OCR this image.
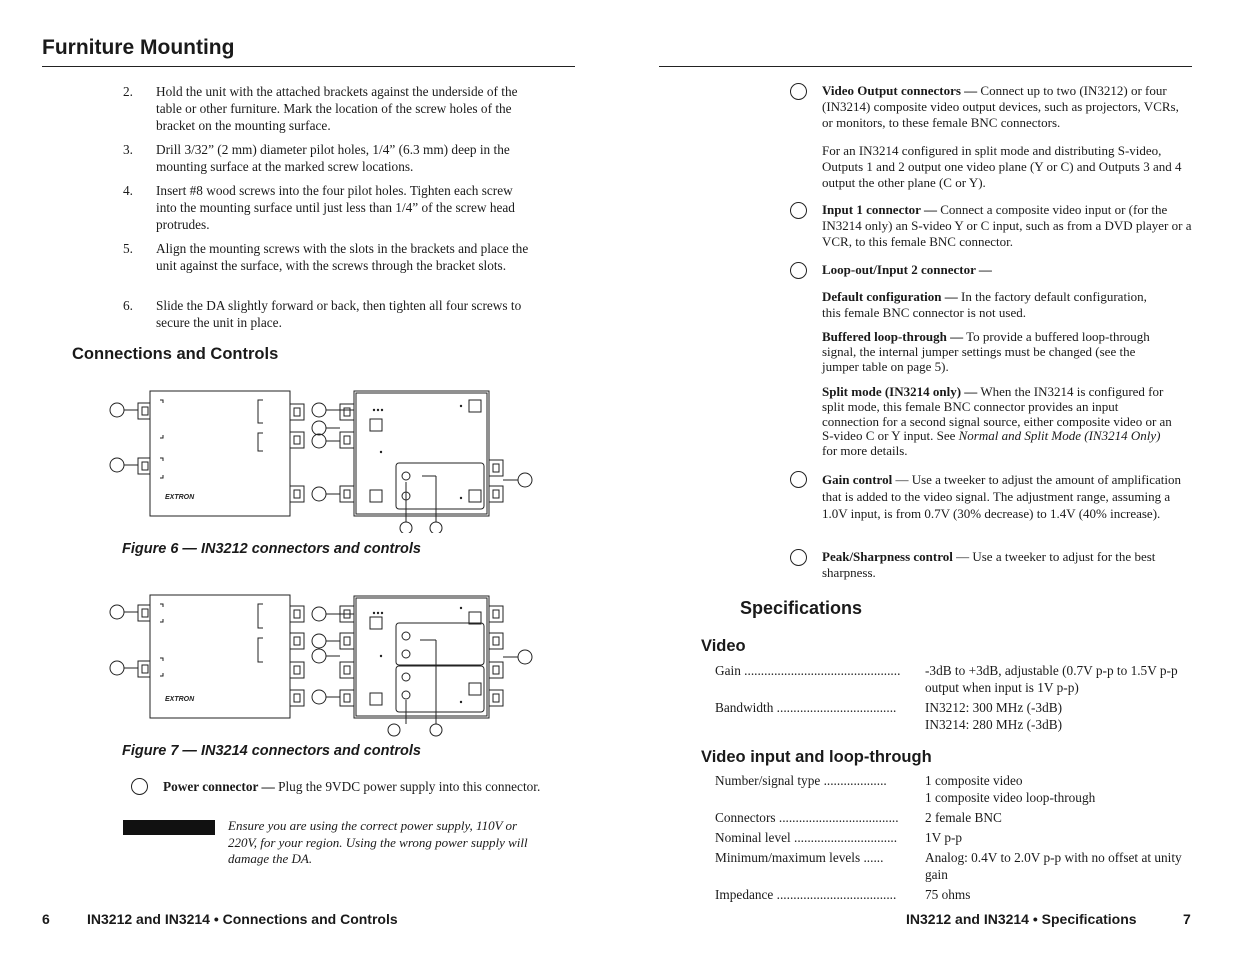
Furniture Mounting
2. Hold the unit with the attached brackets against the underside of the table or other furniture. Mark the location of the screw holes of the bracket on the mounting surface.
3. Drill 3/32” (2 mm) diameter pilot holes, 1/4” (6.3 mm) deep in the mounting surface at the marked screw locations.
4. Insert #8 wood screws into the four pilot holes. Tighten each screw into the mounting surface until just less than 1/4” of the screw head protrudes.
5. Align the mounting screws with the slots in the brackets and place the unit against the surface, with the screws through the bracket slots.
6. Slide the DA slightly forward or back, then tighten all four screws to secure the unit in place.
Connections and Controls
EXTRON
Figure 6 — IN3212 connectors and controls
EXTRON
Figure 7 — IN3214 connectors and controls
Power connector — Plug the 9VDC power supply into this connector.
Ensure you are using the correct power supply, 110V or 220V, for your region. Using the wrong power supply will damage the DA.
6	IN3212 and IN3214 • Connections and Controls
Video Output connectors — Connect up to two (IN3212) or four (IN3214) composite video output devices, such as projectors, VCRs, or monitors, to these female BNC connectors.
For an IN3214 configured in split mode and distributing S-video, Outputs 1 and 2 output one video plane (Y or C) and Outputs 3 and 4 output the other plane (C or Y).
Input 1 connector — Connect a composite video input or (for the IN3214 only) an S-video Y or C input, such as from a DVD player or a VCR, to this female BNC connector.
Loop-out/Input 2 connector —
Default configuration — In the factory default configuration, this female BNC connector is not used.
Buffered loop-through — To provide a buffered loop-through signal, the internal jumper settings must be changed (see the jumper table on page 5).
Split mode (IN3214 only) — When the IN3214 is configured for split mode, this female BNC connector provides an input connection for a second signal source, either composite video or an S-video C or Y input. See Normal and Split Mode (IN3214 Only) for more details.
Gain control — Use a tweeker to adjust the amount of amplification that is added to the video signal. The adjustment range, assuming a 1.0V input, is from 0.7V (30% decrease) to 1.4V (40% increase).
Peak/Sharpness control — Use a tweeker to adjust for the best sharpness.
Specifications
Video
Gain ...............................................	-3dB to +3dB, adjustable (0.7V p-p to 1.5V p-p output when input is 1V p-p)
Bandwidth ....................................	IN3212: 300 MHz (-3dB)
IN3214: 280 MHz (-3dB)
Video input and loop-through
Number/signal type ...................	1 composite video
1 composite video loop-through
Connectors ....................................	2 female BNC
Nominal level ...............................	1V p-p
Minimum/maximum levels ......	Analog: 0.4V to 2.0V p-p with no offset at unity gain
Impedance ....................................	75 ohms
IN3212 and IN3214 • Specifications	7
